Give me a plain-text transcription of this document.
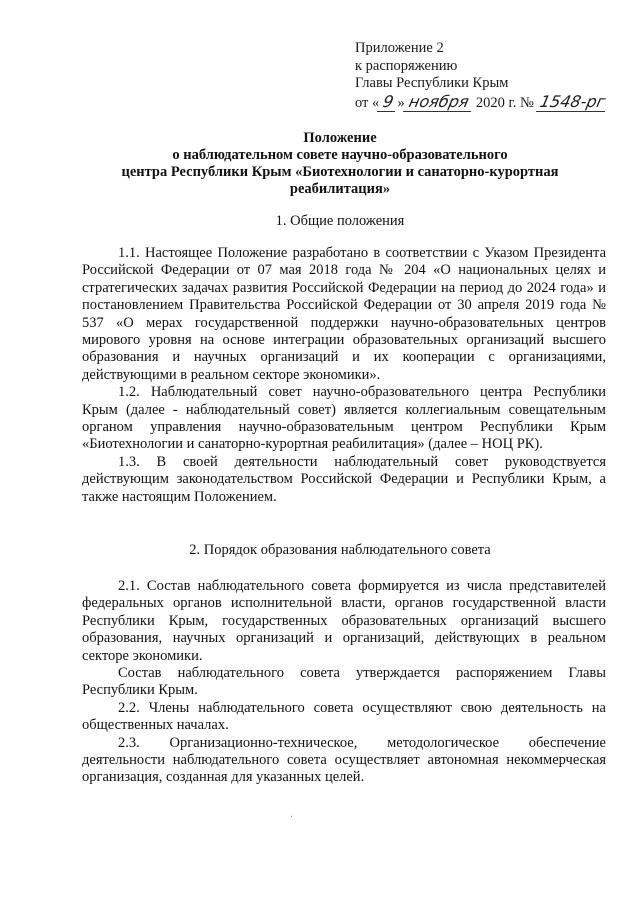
Приложение 2
к распоряжению
Главы Республики Крым
от « 9 » ноября 2020 г. № 1548-рг
Положение
о наблюдательном совете научно-образовательного
центра Республики Крым «Биотехнологии и санаторно-курортная
реабилитация»
1. Общие положения

1.1. Настоящее Положение разработано в соответствии с Указом Президента Российской Федерации от 07 мая 2018 года № 204 «О национальных целях и стратегических задачах развития Российской Федерации на период до 2024 года» и постановлением Правительства Российской Федерации от 30 апреля 2019 года № 537 «О мерах государственной поддержки научно-образовательных центров мирового уровня на основе интеграции образовательных организаций высшего образования и научных организаций и их кооперации с организациями, действующими в реальном секторе экономики».

1.2. Наблюдательный совет научно-образовательного центра Республики Крым (далее - наблюдательный совет) является коллегиальным совещательным органом управления научно-образовательным центром Республики Крым «Биотехнологии и санаторно-курортная реабилитация» (далее – НОЦ РК).

1.3. В своей деятельности наблюдательный совет руководствуется действующим законодательством Российской Федерации и Республики Крым, а также настоящим Положением.

2. Порядок образования наблюдательного совета

2.1. Состав наблюдательного совета формируется из числа представителей федеральных органов исполнительной власти, органов государственной власти Республики Крым, государственных образовательных организаций высшего образования, научных организаций и организаций, действующих в реальном секторе экономики.

Состав наблюдательного совета утверждается распоряжением Главы Республики Крым.

2.2. Члены наблюдательного совета осуществляют свою деятельность на общественных началах.

2.3. Организационно-техническое, методологическое обеспечение деятельности наблюдательного совета осуществляет автономная некоммерческая организация, созданная для указанных целей.

·
